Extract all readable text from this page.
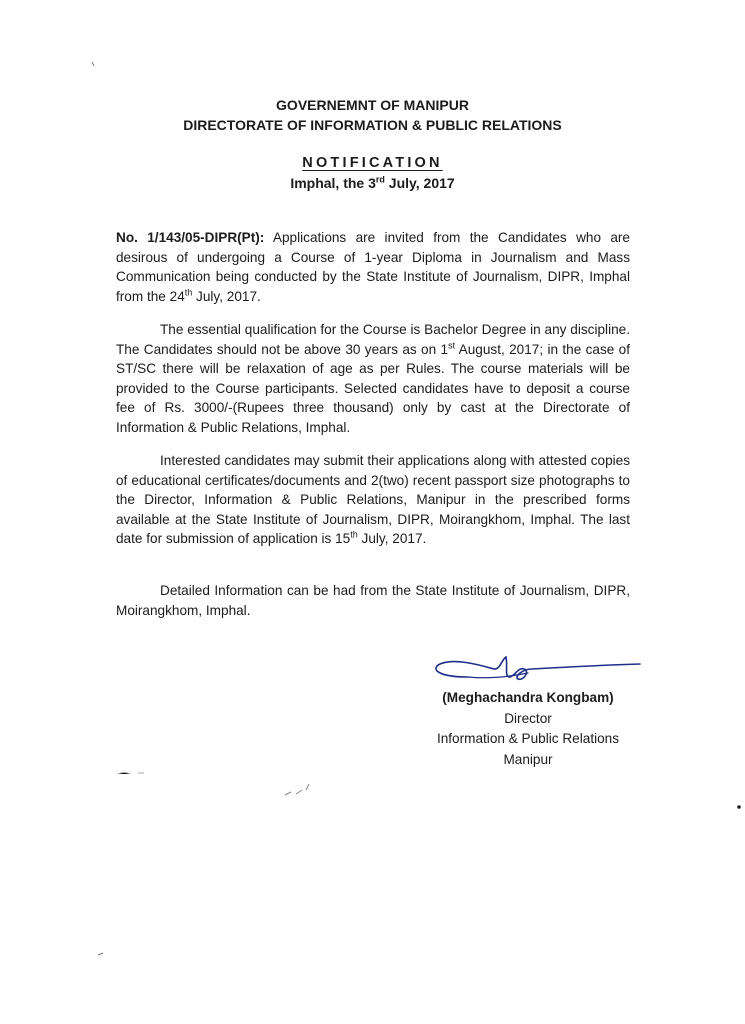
GOVERNEMNT OF MANIPUR
DIRECTORATE OF INFORMATION & PUBLIC RELATIONS
NOTIFICATION
Imphal, the 3rd July, 2017
No. 1/143/05-DIPR(Pt): Applications are invited from the Candidates who are desirous of undergoing a Course of 1-year Diploma in Journalism and Mass Communication being conducted by the State Institute of Journalism, DIPR, Imphal from the 24th July, 2017.
The essential qualification for the Course is Bachelor Degree in any discipline. The Candidates should not be above 30 years as on 1st August, 2017; in the case of ST/SC there will be relaxation of age as per Rules. The course materials will be provided to the Course participants. Selected candidates have to deposit a course fee of Rs. 3000/-(Rupees three thousand) only by cast at the Directorate of Information & Public Relations, Imphal.
Interested candidates may submit their applications along with attested copies of educational certificates/documents and 2(two) recent passport size photographs to the Director, Information & Public Relations, Manipur in the prescribed forms available at the State Institute of Journalism, DIPR, Moirangkhom, Imphal. The last date for submission of application is 15th July, 2017.
Detailed Information can be had from the State Institute of Journalism, DIPR, Moirangkhom, Imphal.
(Meghachandra Kongbam)
Director
Information & Public Relations
Manipur
